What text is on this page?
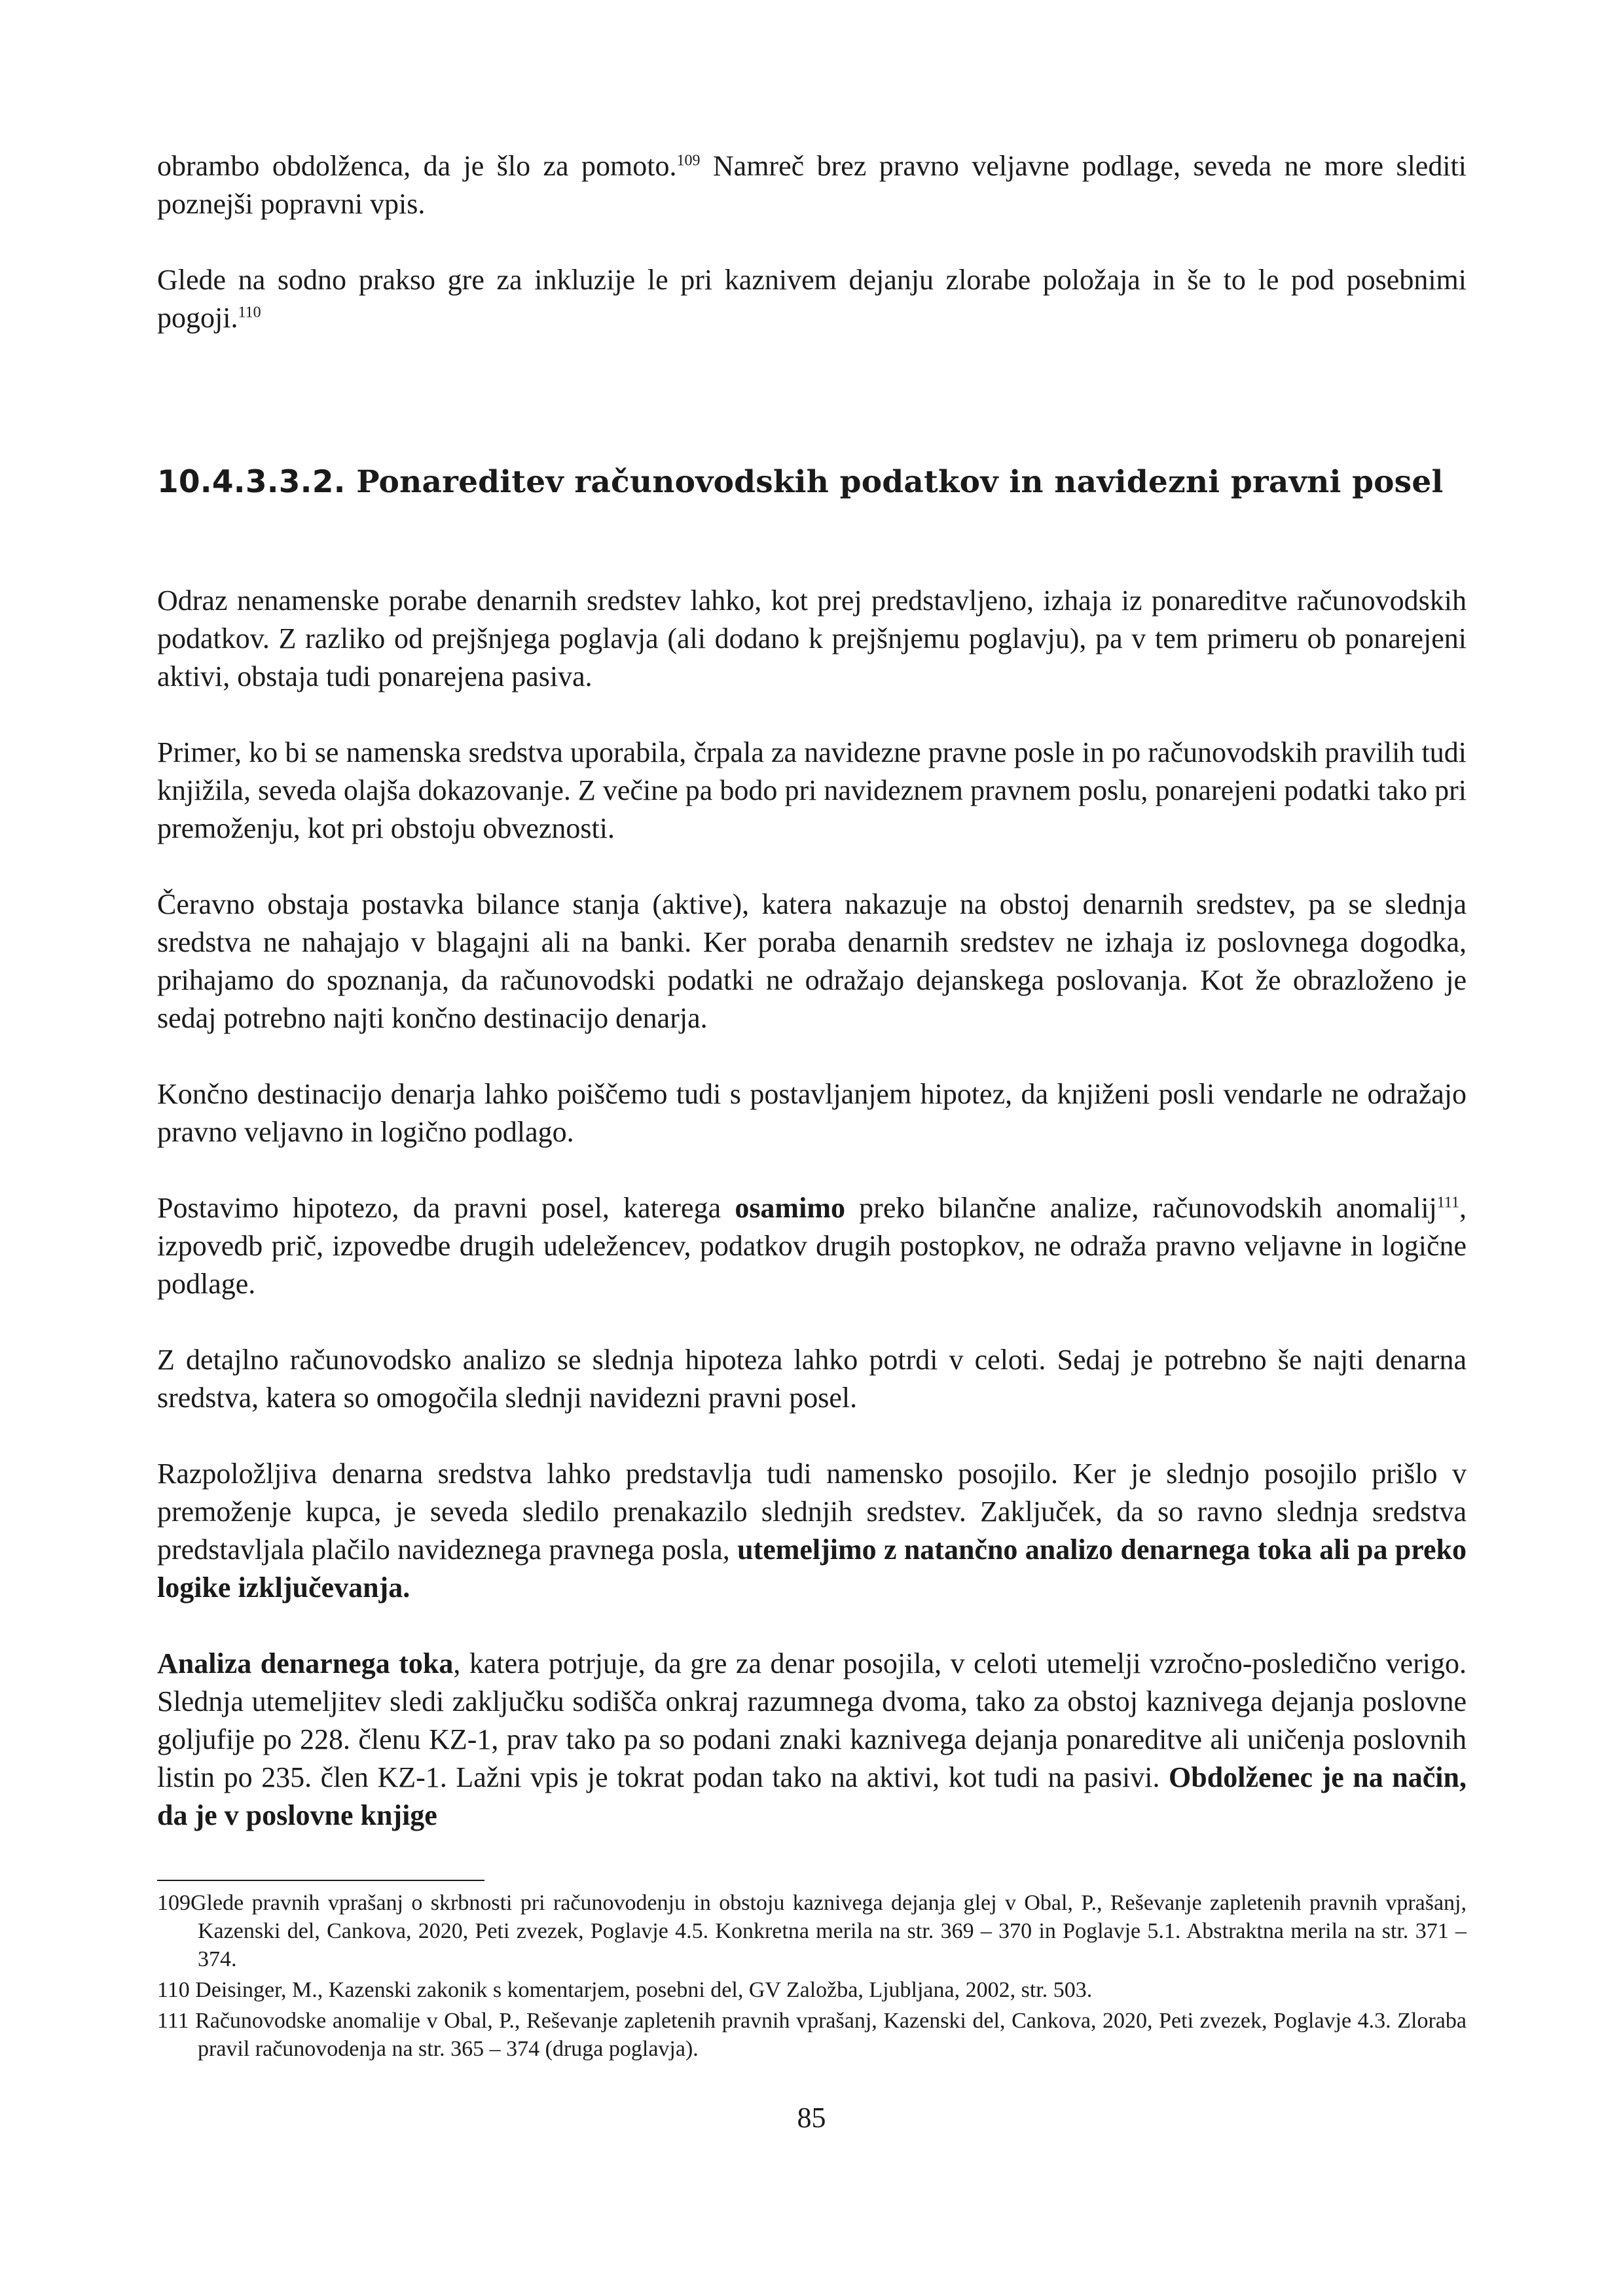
obrambo obdolženca, da je šlo za pomoto.$^{109}$ Namreč brez pravno veljavne podlage, seveda ne more slediti poznejši popravni vpis.

Glede na sodno prakso gre za inkluzije le pri kaznivem dejanju zlorabe položaja in še to le pod posebnimi pogoji.$^{110}$

10.4.3.3.2. Ponareditev računovodskih podatkov in navidezni pravni posel

Odraz nenamenske porabe denarnih sredstev lahko, kot prej predstavljeno, izhaja iz ponareditve računovodskih podatkov. Z razliko od prejšnjega poglavja (ali dodano k prejšnjemu poglavju), pa v tem primeru ob ponarejeni aktivi, obstaja tudi ponarejena pasiva.

Primer, ko bi se namenska sredstva uporabila, črpala za navidezne pravne posle in po računovodskih pravilih tudi knjižila, seveda olajša dokazovanje. Z večine pa bodo pri navideznem pravnem poslu, ponarejeni podatki tako pri premoženju, kot pri obstoju obveznosti.

Čeravno obstaja postavka bilance stanja (aktive), katera nakazuje na obstoj denarnih sredstev, pa se slednja sredstva ne nahajajo v blagajni ali na banki. Ker poraba denarnih sredstev ne izhaja iz poslovnega dogodka, prihajamo do spoznanja, da računovodski podatki ne odražajo dejanskega poslovanja. Kot že obrazloženo je sedaj potrebno najti končno destinacijo denarja.

Končno destinacijo denarja lahko poiščemo tudi s postavljanjem hipotez, da knjiženi posli vendarle ne odražajo pravno veljavno in logično podlago.

Postavimo hipotezo, da pravni posel, katerega osamimo preko bilančne analize, računovodskih anomalij$^{111}$, izpovedb prič, izpovedbe drugih udeležencev, podatkov drugih postopkov, ne odraža pravno veljavne in logične podlage.

Z detajlno računovodsko analizo se slednja hipoteza lahko potrdi v celoti. Sedaj je potrebno še najti denarna sredstva, katera so omogočila slednji navidezni pravni posel.

Razpoložljiva denarna sredstva lahko predstavlja tudi namensko posojilo. Ker je slednjo posojilo prišlo v premoženje kupca, je seveda sledilo prenakazilo slednjih sredstev. Zaključek, da so ravno slednja sredstva predstavljala plačilo navideznega pravnega posla, utemeljimo z natančno analizo denarnega toka ali pa preko logike izključevanja.

Analiza denarnega toka, katera potrjuje, da gre za denar posojila, v celoti utemelji vzročno-posledično verigo. Slednja utemeljitev sledi zaključku sodišča onkraj razumnega dvoma, tako za obstoj kaznivega dejanja poslovne goljufije po 228. členu KZ-1, prav tako pa so podani znaki kaznivega dejanja ponareditve ali uničenja poslovnih listin po 235. člen KZ-1. Lažni vpis je tokrat podan tako na aktivi, kot tudi na pasivi. Obdolženec je na način, da je v poslovne knjige

109Glede pravnih vprašanj o skrbnosti pri računovodenju in obstoju kaznivega dejanja glej v Obal, P., Reševanje zapletenih pravnih vprašanj, Kazenski del, Cankova, 2020, Peti zvezek, Poglavje 4.5. Konkretna merila na str. 369 – 370 in Poglavje 5.1. Abstraktna merila na str. 371 – 374.

110 Deisinger, M., Kazenski zakonik s komentarjem, posebni del, GV Založba, Ljubljana, 2002, str. 503.

111 Računovodske anomalije v Obal, P., Reševanje zapletenih pravnih vprašanj, Kazenski del, Cankova, 2020, Peti zvezek, Poglavje 4.3. Zloraba pravil računovodenja na str. 365 – 374 (druga poglavja).

85
